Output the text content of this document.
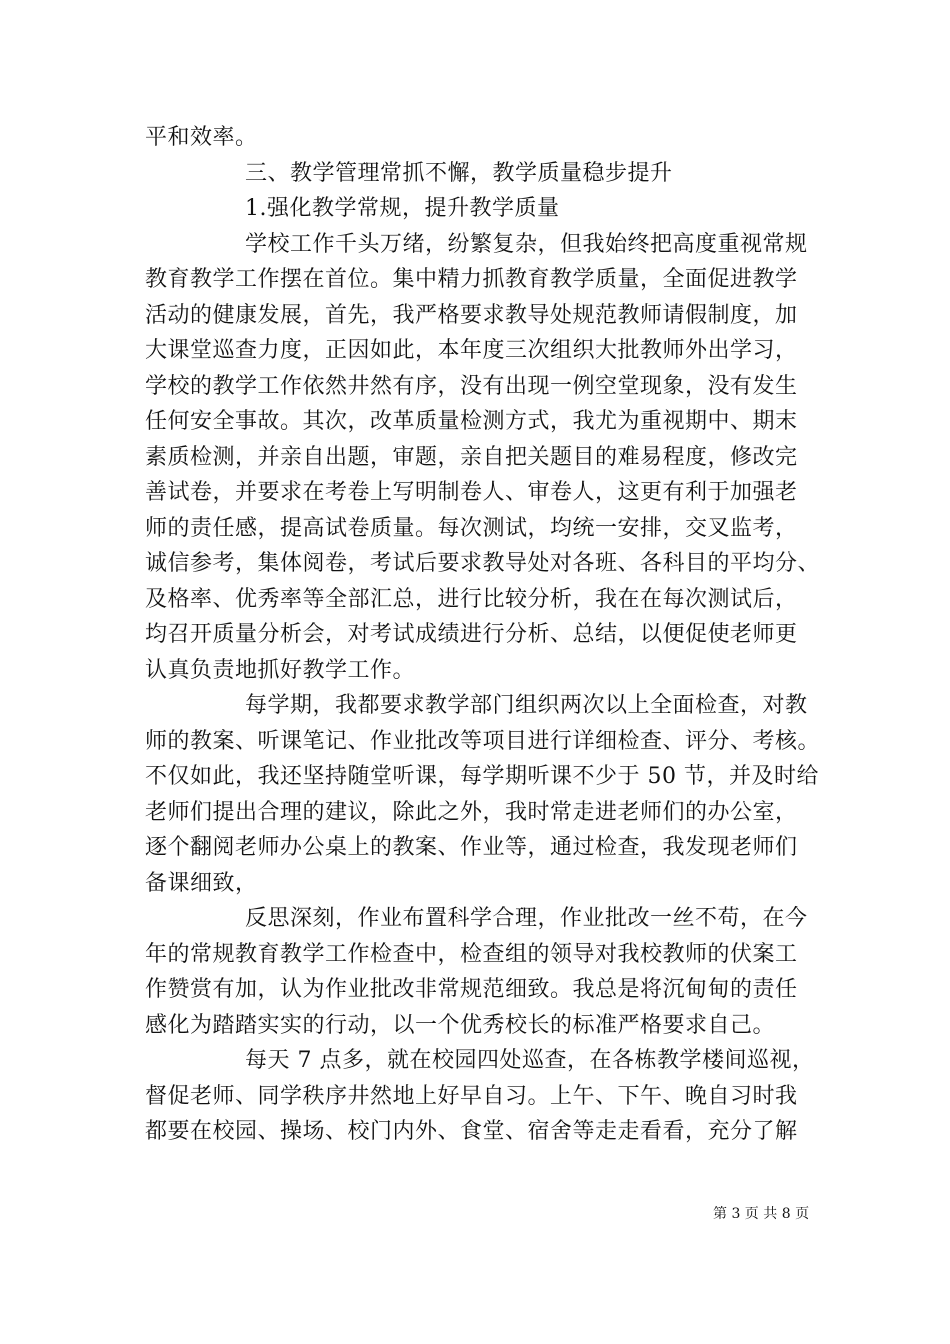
平和效率。
三、教学管理常抓不懈，教学质量稳步提升
1.强化教学常规，提升教学质量
学校工作千头万绪，纷繁复杂，但我始终把高度重视常规
教育教学工作摆在首位。集中精力抓教育教学质量，全面促进教学
活动的健康发展，首先，我严格要求教导处规范教师请假制度，加
大课堂巡查力度，正因如此，本年度三次组织大批教师外出学习，
学校的教学工作依然井然有序，没有出现一例空堂现象，没有发生
任何安全事故。其次，改革质量检测方式，我尤为重视期中、期末
素质检测，并亲自出题，审题，亲自把关题目的难易程度，修改完
善试卷，并要求在考卷上写明制卷人、审卷人，这更有利于加强老
师的责任感，提高试卷质量。每次测试，均统一安排，交叉监考，
诚信参考，集体阅卷，考试后要求教导处对各班、各科目的平均分、
及格率、优秀率等全部汇总，进行比较分析，我在在每次测试后，
均召开质量分析会，对考试成绩进行分析、总结，以便促使老师更
认真负责地抓好教学工作。
每学期，我都要求教学部门组织两次以上全面检查，对教
师的教案、听课笔记、作业批改等项目进行详细检查、评分、考核。
不仅如此，我还坚持随堂听课，每学期听课不少于 50 节，并及时给
老师们提出合理的建议，除此之外，我时常走进老师们的办公室，
逐个翻阅老师办公桌上的教案、作业等，通过检查，我发现老师们
备课细致，
反思深刻，作业布置科学合理，作业批改一丝不苟，在今
年的常规教育教学工作检查中，检查组的领导对我校教师的伏案工
作赞赏有加，认为作业批改非常规范细致。我总是将沉甸甸的责任
感化为踏踏实实的行动，以一个优秀校长的标准严格要求自己。
每天 7 点多，就在校园四处巡查，在各栋教学楼间巡视，
督促老师、同学秩序井然地上好早自习。上午、下午、晚自习时我
都要在校园、操场、校门内外、食堂、宿舍等走走看看，充分了解
第 3 页 共 8 页
